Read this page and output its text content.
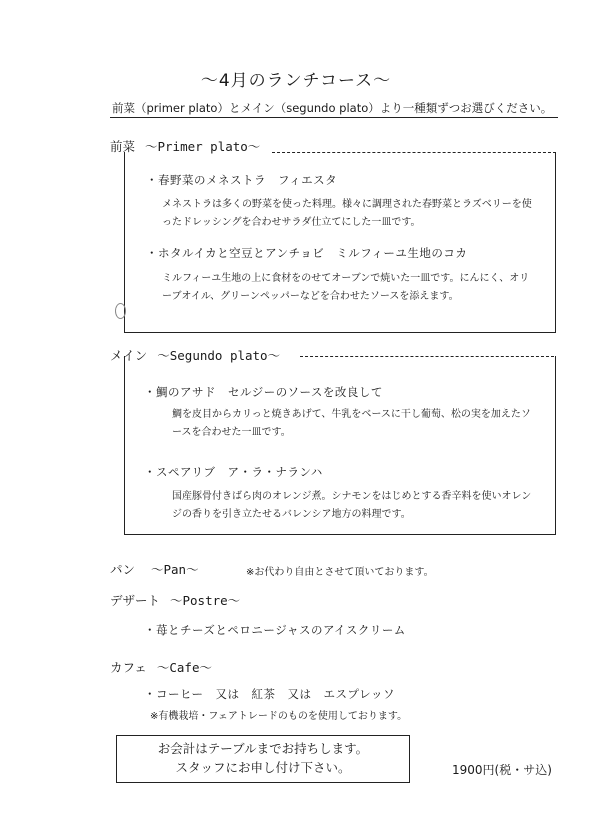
〜4月のランチコース〜
前菜（primer plato）とメイン（segundo plato）より一種類ずつお選びください。
前菜 〜Primer plato〜
・春野菜のメネストラ　フィエスタ
メネストラは多くの野菜を使った料理。様々に調理された春野菜とラズベリーを使ったドレッシングを合わせサラダ仕立てにした一皿です。
・ホタルイカと空豆とアンチョビ　ミルフィーユ生地のコカ
ミルフィーユ生地の上に食材をのせてオーブンで焼いた一皿です。にんにく、オリーブオイル、グリーンペッパーなどを合わせたソースを添えます。
メイン 〜Segundo plato〜
・鯛のアサド　セルジーのソースを改良して
鯛を皮目からカリっと焼きあげて、牛乳をベースに干し葡萄、松の実を加えたソースを合わせた一皿です。
・スペアリブ　ア・ラ・ナランハ
国産豚骨付きばら肉のオレンジ煮。シナモンをはじめとする香辛料を使いオレンジの香りを引き立たせるバレンシア地方の料理です。
パン 〜Pan〜	※お代わり自由とさせて頂いております。
デザート 〜Postre〜
・苺とチーズとペロニージャスのアイスクリーム
カフェ 〜Cafe〜
・コーヒー　又は　紅茶　又は　エスプレッソ
※有機栽培・フェアトレードのものを使用しております。
お会計はテーブルまでお持ちします。
スタッフにお申し付け下さい。	1900円(税・サ込)
